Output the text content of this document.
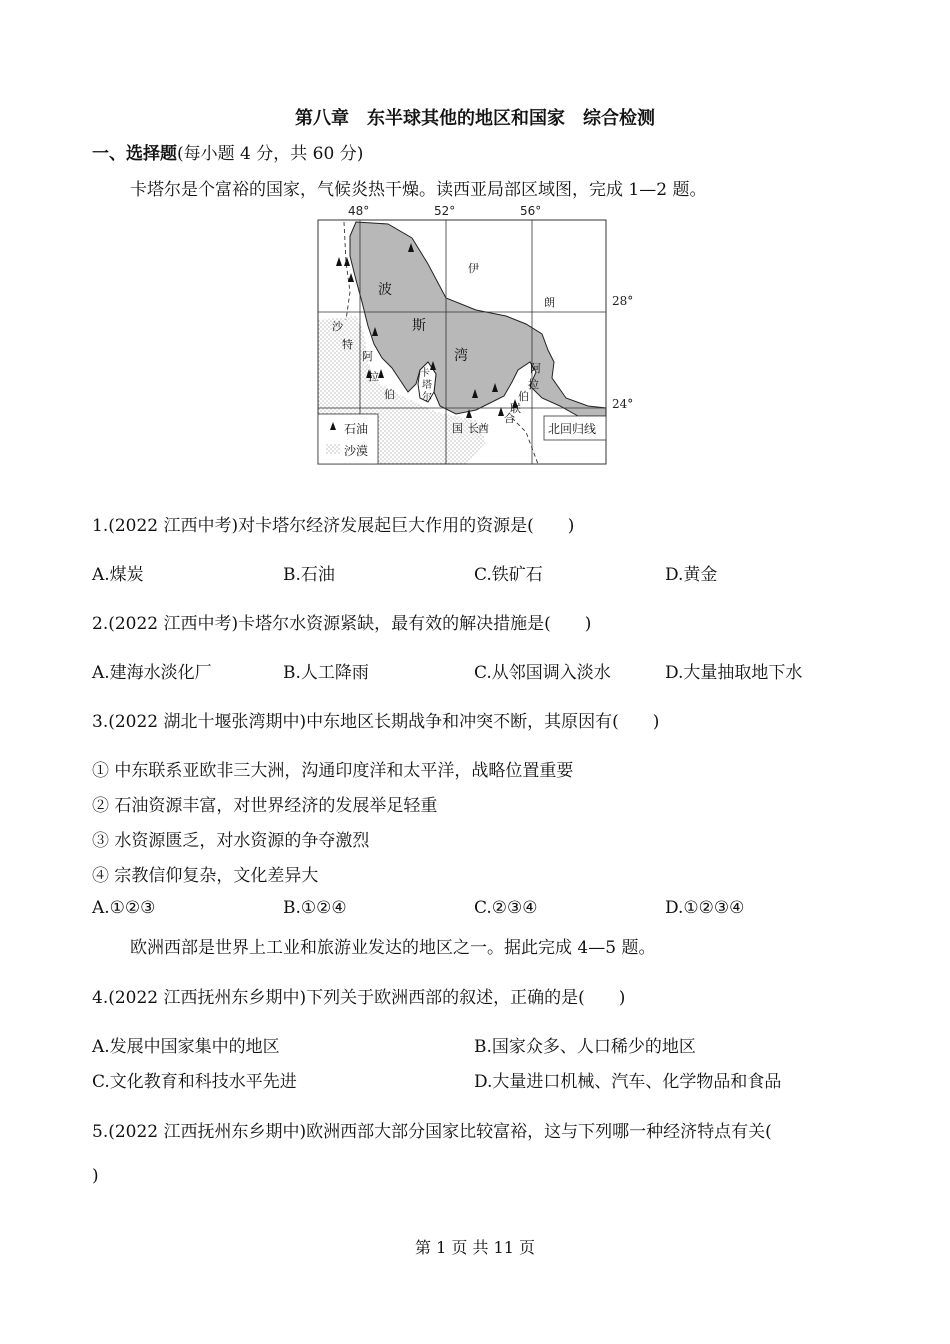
第八章　东半球其他的地区和国家　综合检测
一、选择题(每小题 4 分，共 60 分)
卡塔尔是个富裕的国家，气候炎热干燥。读西亚局部区域图，完成 1—2 题。
石油
沙漠
北回归线
伊
朗
波
斯
湾
沙
特
阿
拉
伯
卡
塔
尔
阿
拉
伯
联
合
酋
长
国
48°	52°	56°
28°
24°
1.(2022 江西中考)对卡塔尔经济发展起巨大作用的资源是(　　)
A.煤炭	B.石油	C.铁矿石	D.黄金
2.(2022 江西中考)卡塔尔水资源紧缺，最有效的解决措施是(　　)
A.建海水淡化厂	B.人工降雨	C.从邻国调入淡水	D.大量抽取地下水
3.(2022 湖北十堰张湾期中)中东地区长期战争和冲突不断，其原因有(　　)
① 中东联系亚欧非三大洲，沟通印度洋和太平洋，战略位置重要
② 石油资源丰富，对世界经济的发展举足轻重
③ 水资源匮乏，对水资源的争夺激烈
④ 宗教信仰复杂，文化差异大
A.①②③	B.①②④	C.②③④	D.①②③④
欧洲西部是世界上工业和旅游业发达的地区之一。据此完成 4—5 题。
4.(2022 江西抚州东乡期中)下列关于欧洲西部的叙述，正确的是(　　)
A.发展中国家集中的地区	B.国家众多、人口稀少的地区
C.文化教育和科技水平先进	D.大量进口机械、汽车、化学物品和食品
5.(2022 江西抚州东乡期中)欧洲西部大部分国家比较富裕，这与下列哪一种经济特点有关(
)
第 1 页 共 11 页
